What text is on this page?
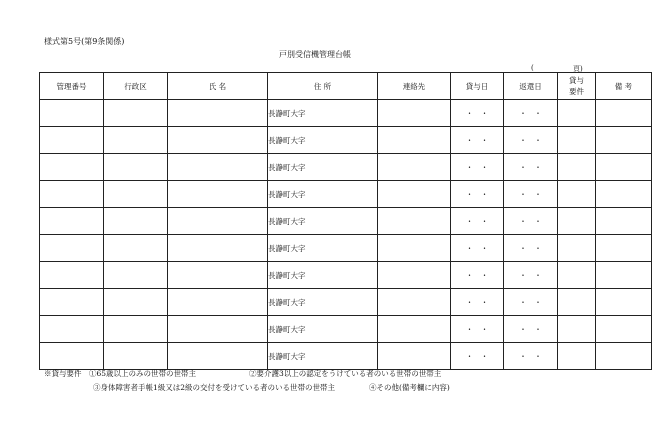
様式第5号(第9条関係)
戸別受信機管理台帳
(	頁)
管理番号	行政区	氏 名	住 所	連絡先	貸与日	返還日	貸与要件	備 考
			長瀞町大字		・　・	・　・		
			長瀞町大字		・　・	・　・		
			長瀞町大字		・　・	・　・		
			長瀞町大字		・　・	・　・		
			長瀞町大字		・　・	・　・		
			長瀞町大字		・　・	・　・		
			長瀞町大字		・　・	・　・		
			長瀞町大字		・　・	・　・		
			長瀞町大字		・　・	・　・		
			長瀞町大字		・　・	・　・		
※貸与要件 ①65歳以上のみの世帯の世帯主	②要介護3以上の認定をうけている者のいる世帯の世帯主
③身体障害者手帳1級又は2級の交付を受けている者のいる世帯の世帯主	④その他(備考欄に内容)
